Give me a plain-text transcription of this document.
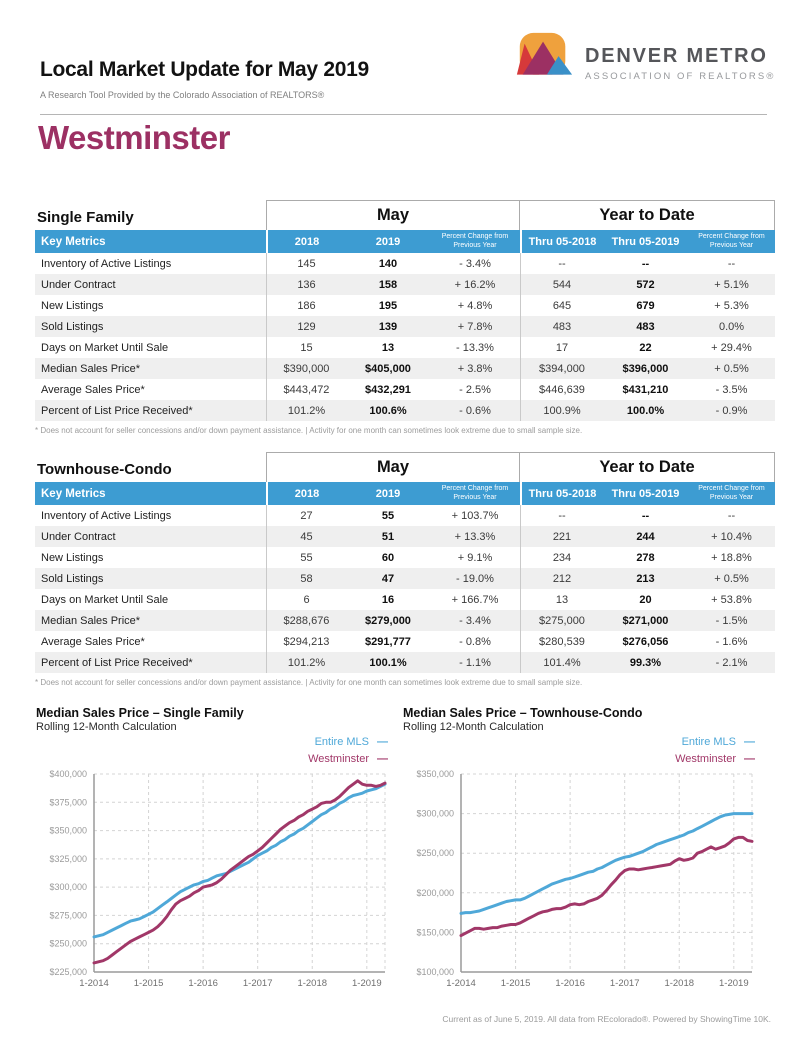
Local Market Update for May 2019
A Research Tool Provided by the Colorado Association of REALTORS®
DENVER METRO
ASSOCIATION OF REALTORS®
Westminster
Single Family	May	Year to Date
Key Metrics	2018	2019	Percent Change from Previous Year	Thru 05-2018	Thru 05-2019	Percent Change from Previous Year
Inventory of Active Listings	145	140	- 3.4%	--	--	--
Under Contract	136	158	+ 16.2%	544	572	+ 5.1%
New Listings	186	195	+ 4.8%	645	679	+ 5.3%
Sold Listings	129	139	+ 7.8%	483	483	0.0%
Days on Market Until Sale	15	13	- 13.3%	17	22	+ 29.4%
Median Sales Price*	$390,000	$405,000	+ 3.8%	$394,000	$396,000	+ 0.5%
Average Sales Price*	$443,472	$432,291	- 2.5%	$446,639	$431,210	- 3.5%
Percent of List Price Received*	101.2%	100.6%	- 0.6%	100.9%	100.0%	- 0.9%
* Does not account for seller concessions and/or down payment assistance. | Activity for one month can sometimes look extreme due to small sample size.
Townhouse-Condo	May	Year to Date
Key Metrics	2018	2019	Percent Change from Previous Year	Thru 05-2018	Thru 05-2019	Percent Change from Previous Year
Inventory of Active Listings	27	55	+ 103.7%	--	--	--
Under Contract	45	51	+ 13.3%	221	244	+ 10.4%
New Listings	55	60	+ 9.1%	234	278	+ 18.8%
Sold Listings	58	47	- 19.0%	212	213	+ 0.5%
Days on Market Until Sale	6	16	+ 166.7%	13	20	+ 53.8%
Median Sales Price*	$288,676	$279,000	- 3.4%	$275,000	$271,000	- 1.5%
Average Sales Price*	$294,213	$291,777	- 0.8%	$280,539	$276,056	- 1.6%
Percent of List Price Received*	101.2%	100.1%	- 1.1%	101.4%	99.3%	- 2.1%
* Does not account for seller concessions and/or down payment assistance. | Activity for one month can sometimes look extreme due to small sample size.
Median Sales Price – Single Family
Rolling 12-Month Calculation
Entire MLS —
Westminster —
$225,000
$250,000
$275,000
$300,000
$325,000
$350,000
$375,000
$400,000
1-2014	1-2015	1-2016	1-2017	1-2018	1-2019
Median Sales Price – Townhouse-Condo
Rolling 12-Month Calculation
Entire MLS —
Westminster —
$100,000
$150,000
$200,000
$250,000
$300,000
$350,000
1-2014	1-2015	1-2016	1-2017	1-2018	1-2019
Current as of June 5, 2019. All data from REcolorado®. Powered by ShowingTime 10K.
